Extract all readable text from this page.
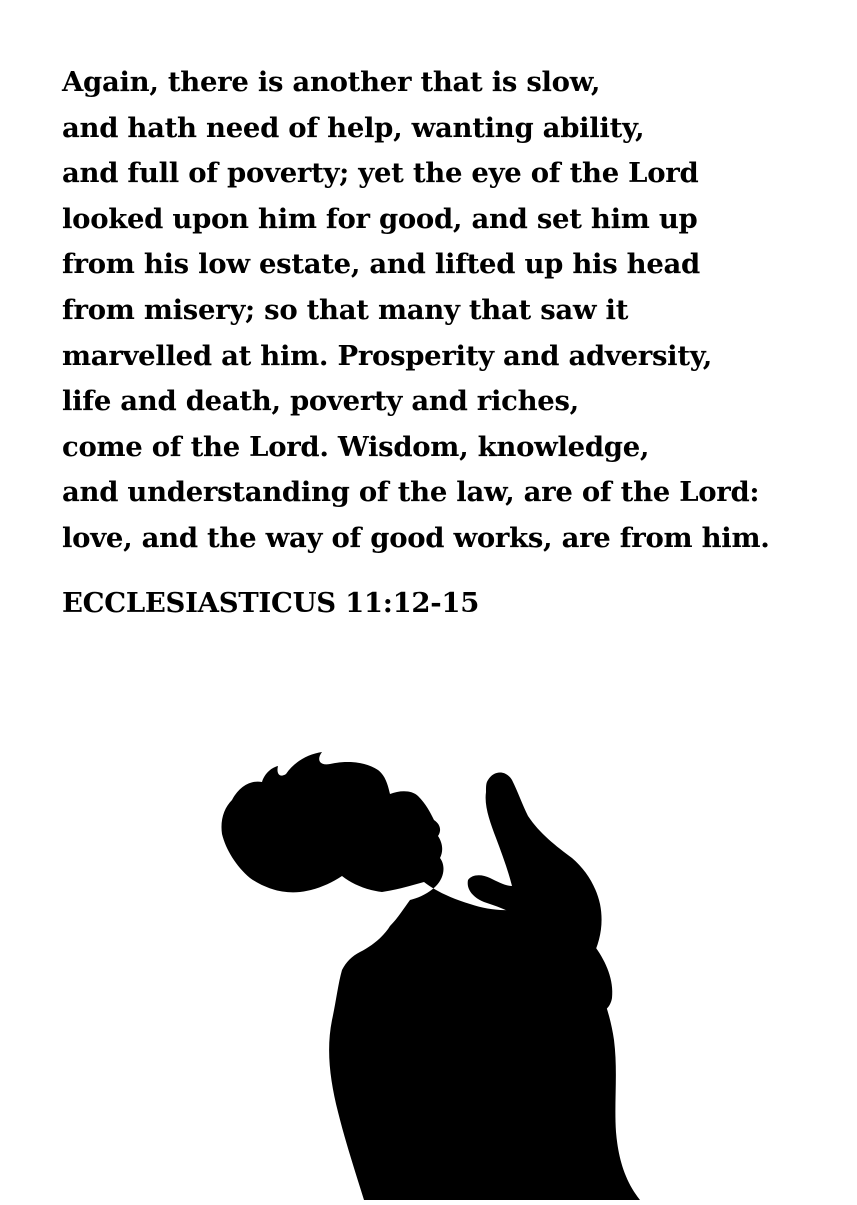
Again, there is another that is slow,
and hath need of help, wanting ability,
and full of poverty; yet the eye of the Lord
looked upon him for good, and set him up
from his low estate, and lifted up his head
from misery; so that many that saw it
marvelled at him. Prosperity and adversity,
life and death, poverty and riches,
come of the Lord. Wisdom, knowledge,
and understanding of the law, are of the Lord:
love, and the way of good works, are from him.

ECCLESIASTICUS 11:12-15
